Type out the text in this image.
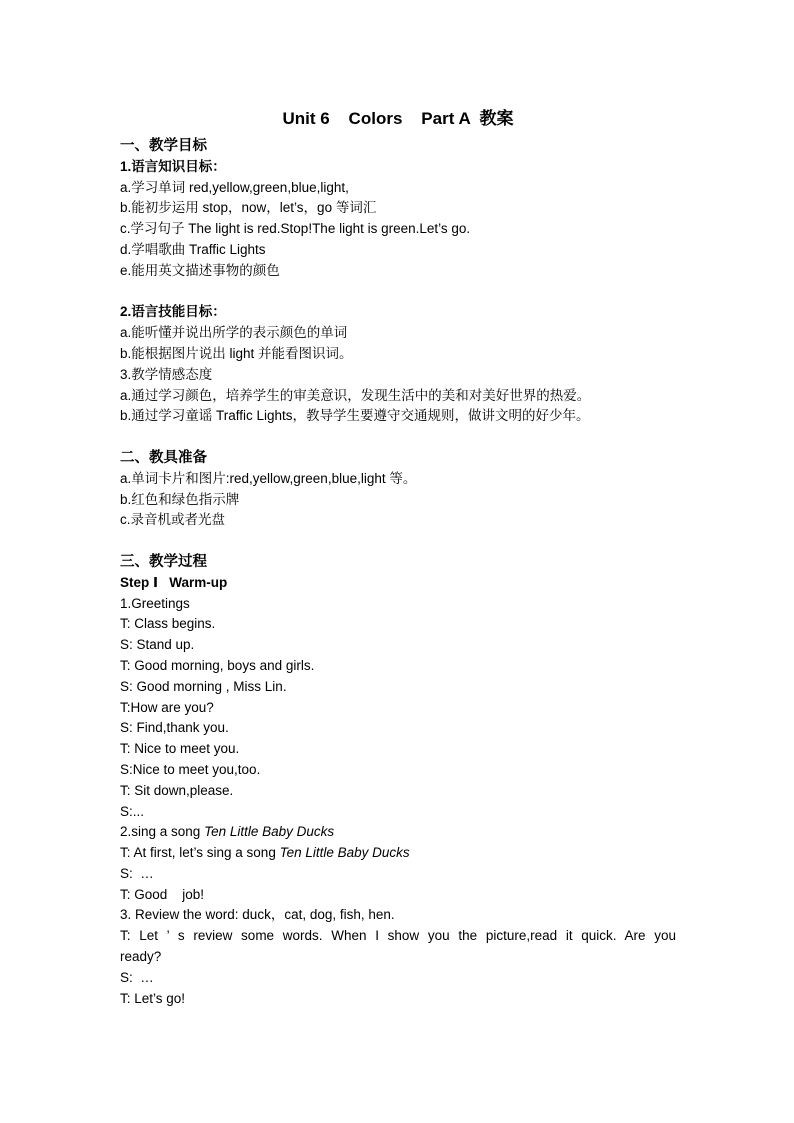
Unit 6    Colors    Part A  教案
一、教学目标
1.语言知识目标：
a.学习单词 red,yellow,green,blue,light,
b.能初步运用 stop，now，let’s，go 等词汇
c.学习句子 The light is red.Stop!The light is green.Let’s go.
d.学唱歌曲 Traffic Lights
e.能用英文描述事物的颜色
2.语言技能目标：
a.能听懂并说出所学的表示颜色的单词
b.能根据图片说出 light 并能看图识词。
3.教学情感态度
a.通过学习颜色，培养学生的审美意识，发现生活中的美和对美好世界的热爱。
b.通过学习童谣 Traffic Lights，教导学生要遵守交通规则，做讲文明的好少年。
二、教具准备
a.单词卡片和图片:red,yellow,green,blue,light 等。
b.红色和绿色指示牌
c.录音机或者光盘
三、教学过程
Step Ⅰ   Warm-up
1.Greetings
T: Class begins.
S: Stand up.
T: Good morning, boys and girls.
S: Good morning , Miss Lin.
T:How are you?
S: Find,thank you.
T: Nice to meet you.
S:Nice to meet you,too.
T: Sit down,please.
S:...
2.sing a song Ten Little Baby Ducks
T: At first, let’s sing a song Ten Little Baby Ducks
S:  …
T: Good    job!
3. Review the word: duck，cat, dog, fish, hen.
T: Let ’ s review some words. When I show you the picture,read it quick. Are you
ready?
S:  …
T: Let’s go!
